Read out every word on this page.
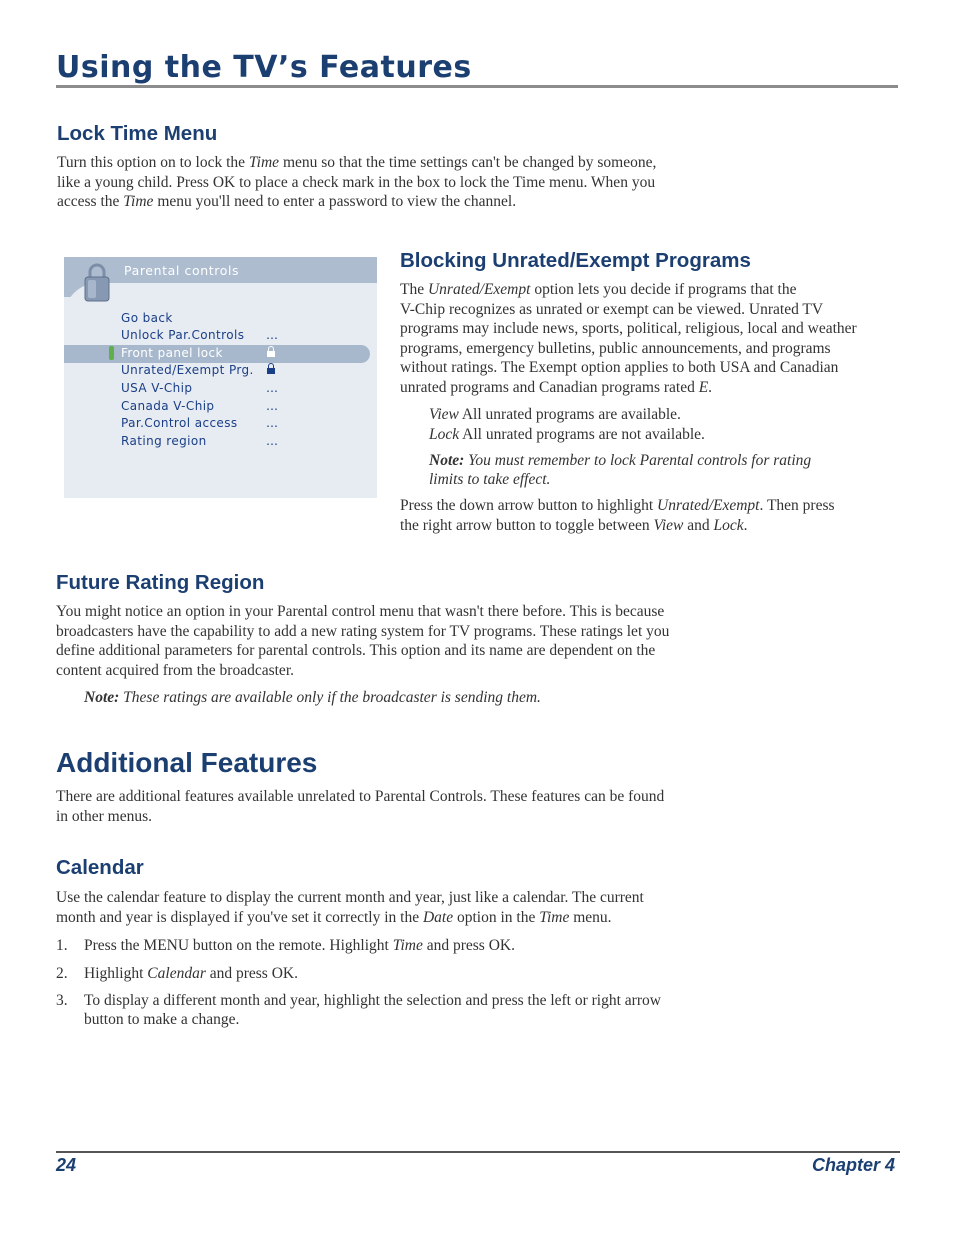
Using the TV’s Features
Lock Time Menu

Turn this option on to lock the Time menu so that the time settings can't be changed by someone,

like a young child. Press OK to place a check mark in the box to lock the Time menu. When you

access the Time menu you'll need to enter a password to view the channel.

Parental controls
Go back
Unlock Par.Controls …
Front panel lock
Unrated/Exempt Prg.
USA V-Chip	…
Canada V-Chip	…
Par.Control access …
Rating region	…
Blocking Unrated/Exempt Programs

The Unrated/Exempt option lets you decide if programs that the

V-Chip recognizes as unrated or exempt can be viewed. Unrated TV

programs may include news, sports, political, religious, local and weather

programs, emergency bulletins, public announcements, and programs

without ratings. The Exempt option applies to both USA and Canadian

unrated programs and Canadian programs rated E.

View All unrated programs are available.

Lock All unrated programs are not available.

Note: You must remember to lock Parental controls for rating

limits to take effect.

Press the down arrow button to highlight Unrated/Exempt. Then press

the right arrow button to toggle between View and Lock.

Future Rating Region

You might notice an option in your Parental control menu that wasn't there before. This is because

broadcasters have the capability to add a new rating system for TV programs. These ratings let you

define additional parameters for parental controls. This option and its name are dependent on the

content acquired from the broadcaster.

Note: These ratings are available only if the broadcaster is sending them.

Additional Features

There are additional features available unrelated to Parental Controls. These features can be found

in other menus.

Calendar

Use the calendar feature to display the current month and year, just like a calendar. The current

month and year is displayed if you've set it correctly in the Date option in the Time menu.

1. Press the MENU button on the remote. Highlight Time and press OK.

2. Highlight Calendar and press OK.

3. To display a different month and year, highlight the selection and press the left or right arrow

button to make a change.

24	Chapter 4
